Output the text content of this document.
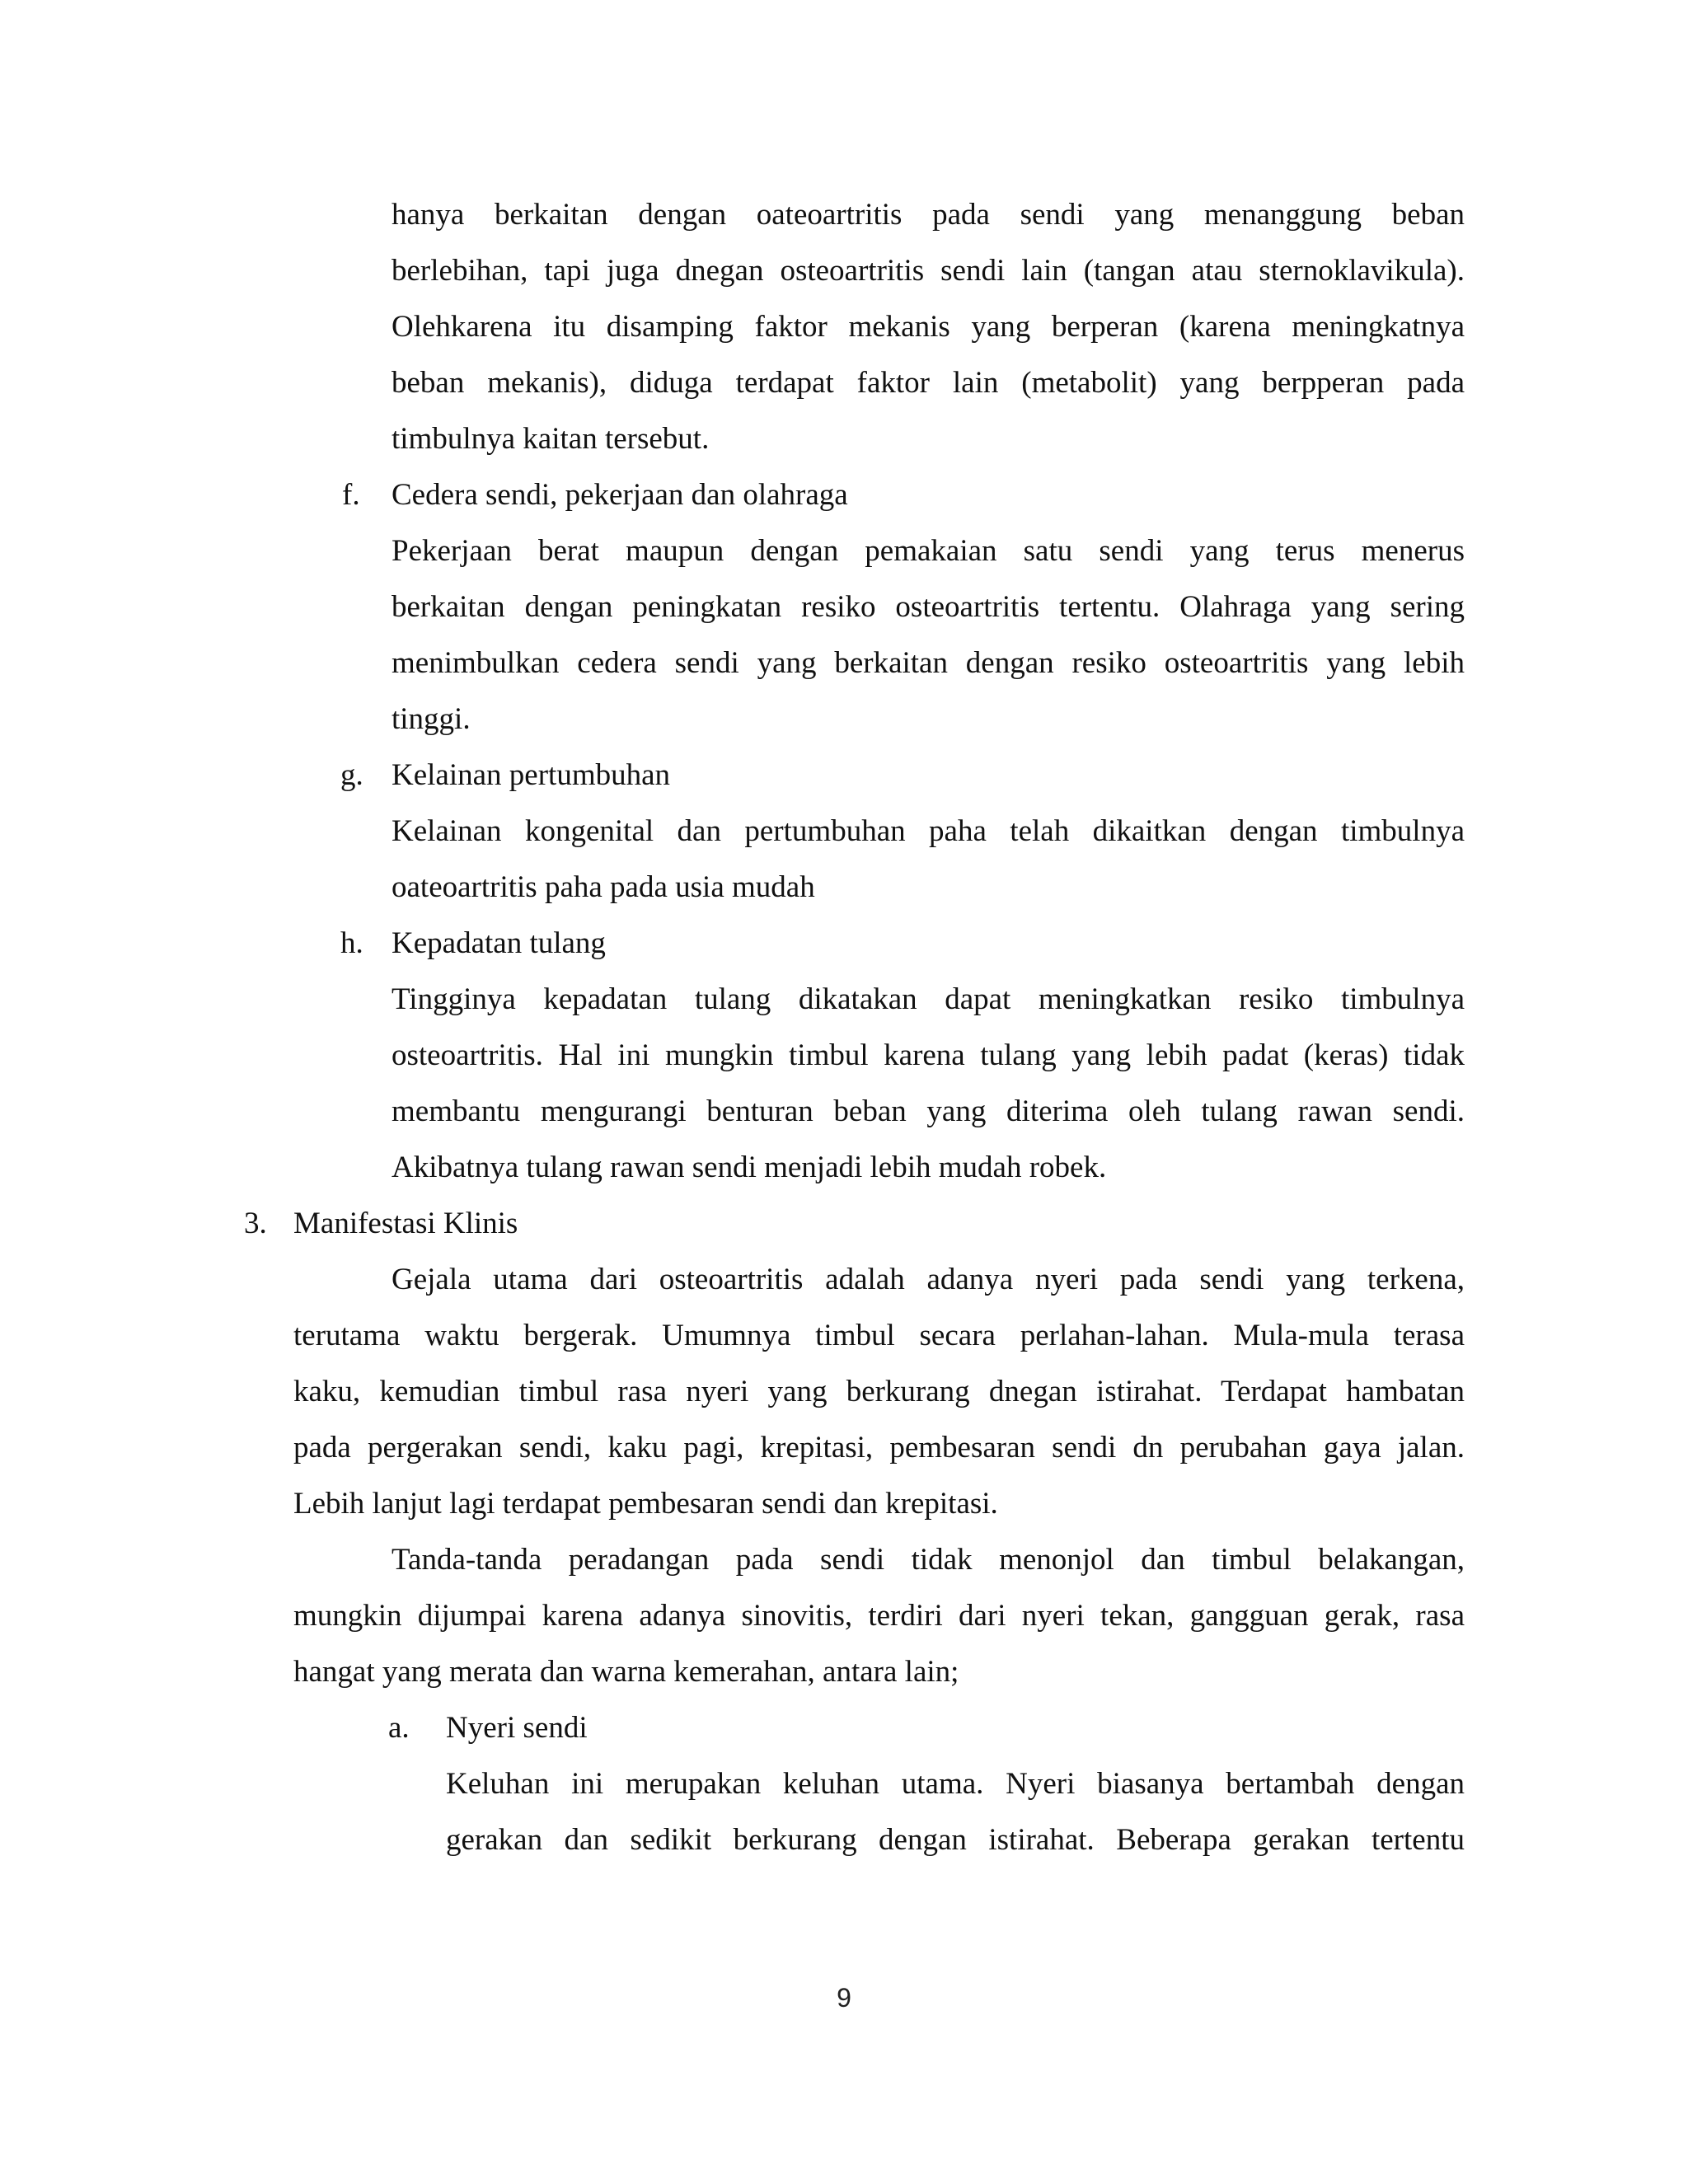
hanya berkaitan dengan oateoartritis pada sendi yang menanggung beban
berlebihan, tapi juga dnegan osteoartritis sendi lain (tangan atau sternoklavikula).
Olehkarena itu disamping faktor mekanis yang berperan (karena meningkatnya
beban mekanis), diduga terdapat faktor lain (metabolit) yang berpperan pada
timbulnya kaitan tersebut.
f. Cedera sendi, pekerjaan dan olahraga
Pekerjaan berat maupun dengan pemakaian satu sendi yang terus menerus
berkaitan dengan peningkatan resiko osteoartritis tertentu. Olahraga yang sering
menimbulkan cedera sendi yang berkaitan dengan resiko osteoartritis yang lebih
tinggi.
g. Kelainan pertumbuhan
Kelainan kongenital dan pertumbuhan paha telah dikaitkan dengan timbulnya
oateoartritis paha pada usia mudah
h. Kepadatan tulang
Tingginya kepadatan tulang dikatakan dapat meningkatkan resiko timbulnya
osteoartritis. Hal ini mungkin timbul karena tulang yang lebih padat (keras) tidak
membantu mengurangi benturan beban yang diterima oleh tulang rawan sendi.
Akibatnya tulang rawan sendi menjadi lebih mudah robek.
3. Manifestasi Klinis
Gejala utama dari osteoartritis adalah adanya nyeri pada sendi yang terkena,
terutama waktu bergerak. Umumnya timbul secara perlahan-lahan. Mula-mula terasa
kaku, kemudian timbul rasa nyeri yang berkurang dnegan istirahat. Terdapat hambatan
pada pergerakan sendi, kaku pagi, krepitasi, pembesaran sendi dn perubahan gaya jalan.
Lebih lanjut lagi terdapat pembesaran sendi dan krepitasi.
Tanda-tanda peradangan pada sendi tidak menonjol dan timbul belakangan,
mungkin dijumpai karena adanya sinovitis, terdiri dari nyeri tekan, gangguan gerak, rasa
hangat yang merata dan warna kemerahan, antara lain;
a. Nyeri sendi
Keluhan ini merupakan keluhan utama. Nyeri biasanya bertambah dengan
gerakan dan sedikit berkurang dengan istirahat. Beberapa gerakan tertentu
9
